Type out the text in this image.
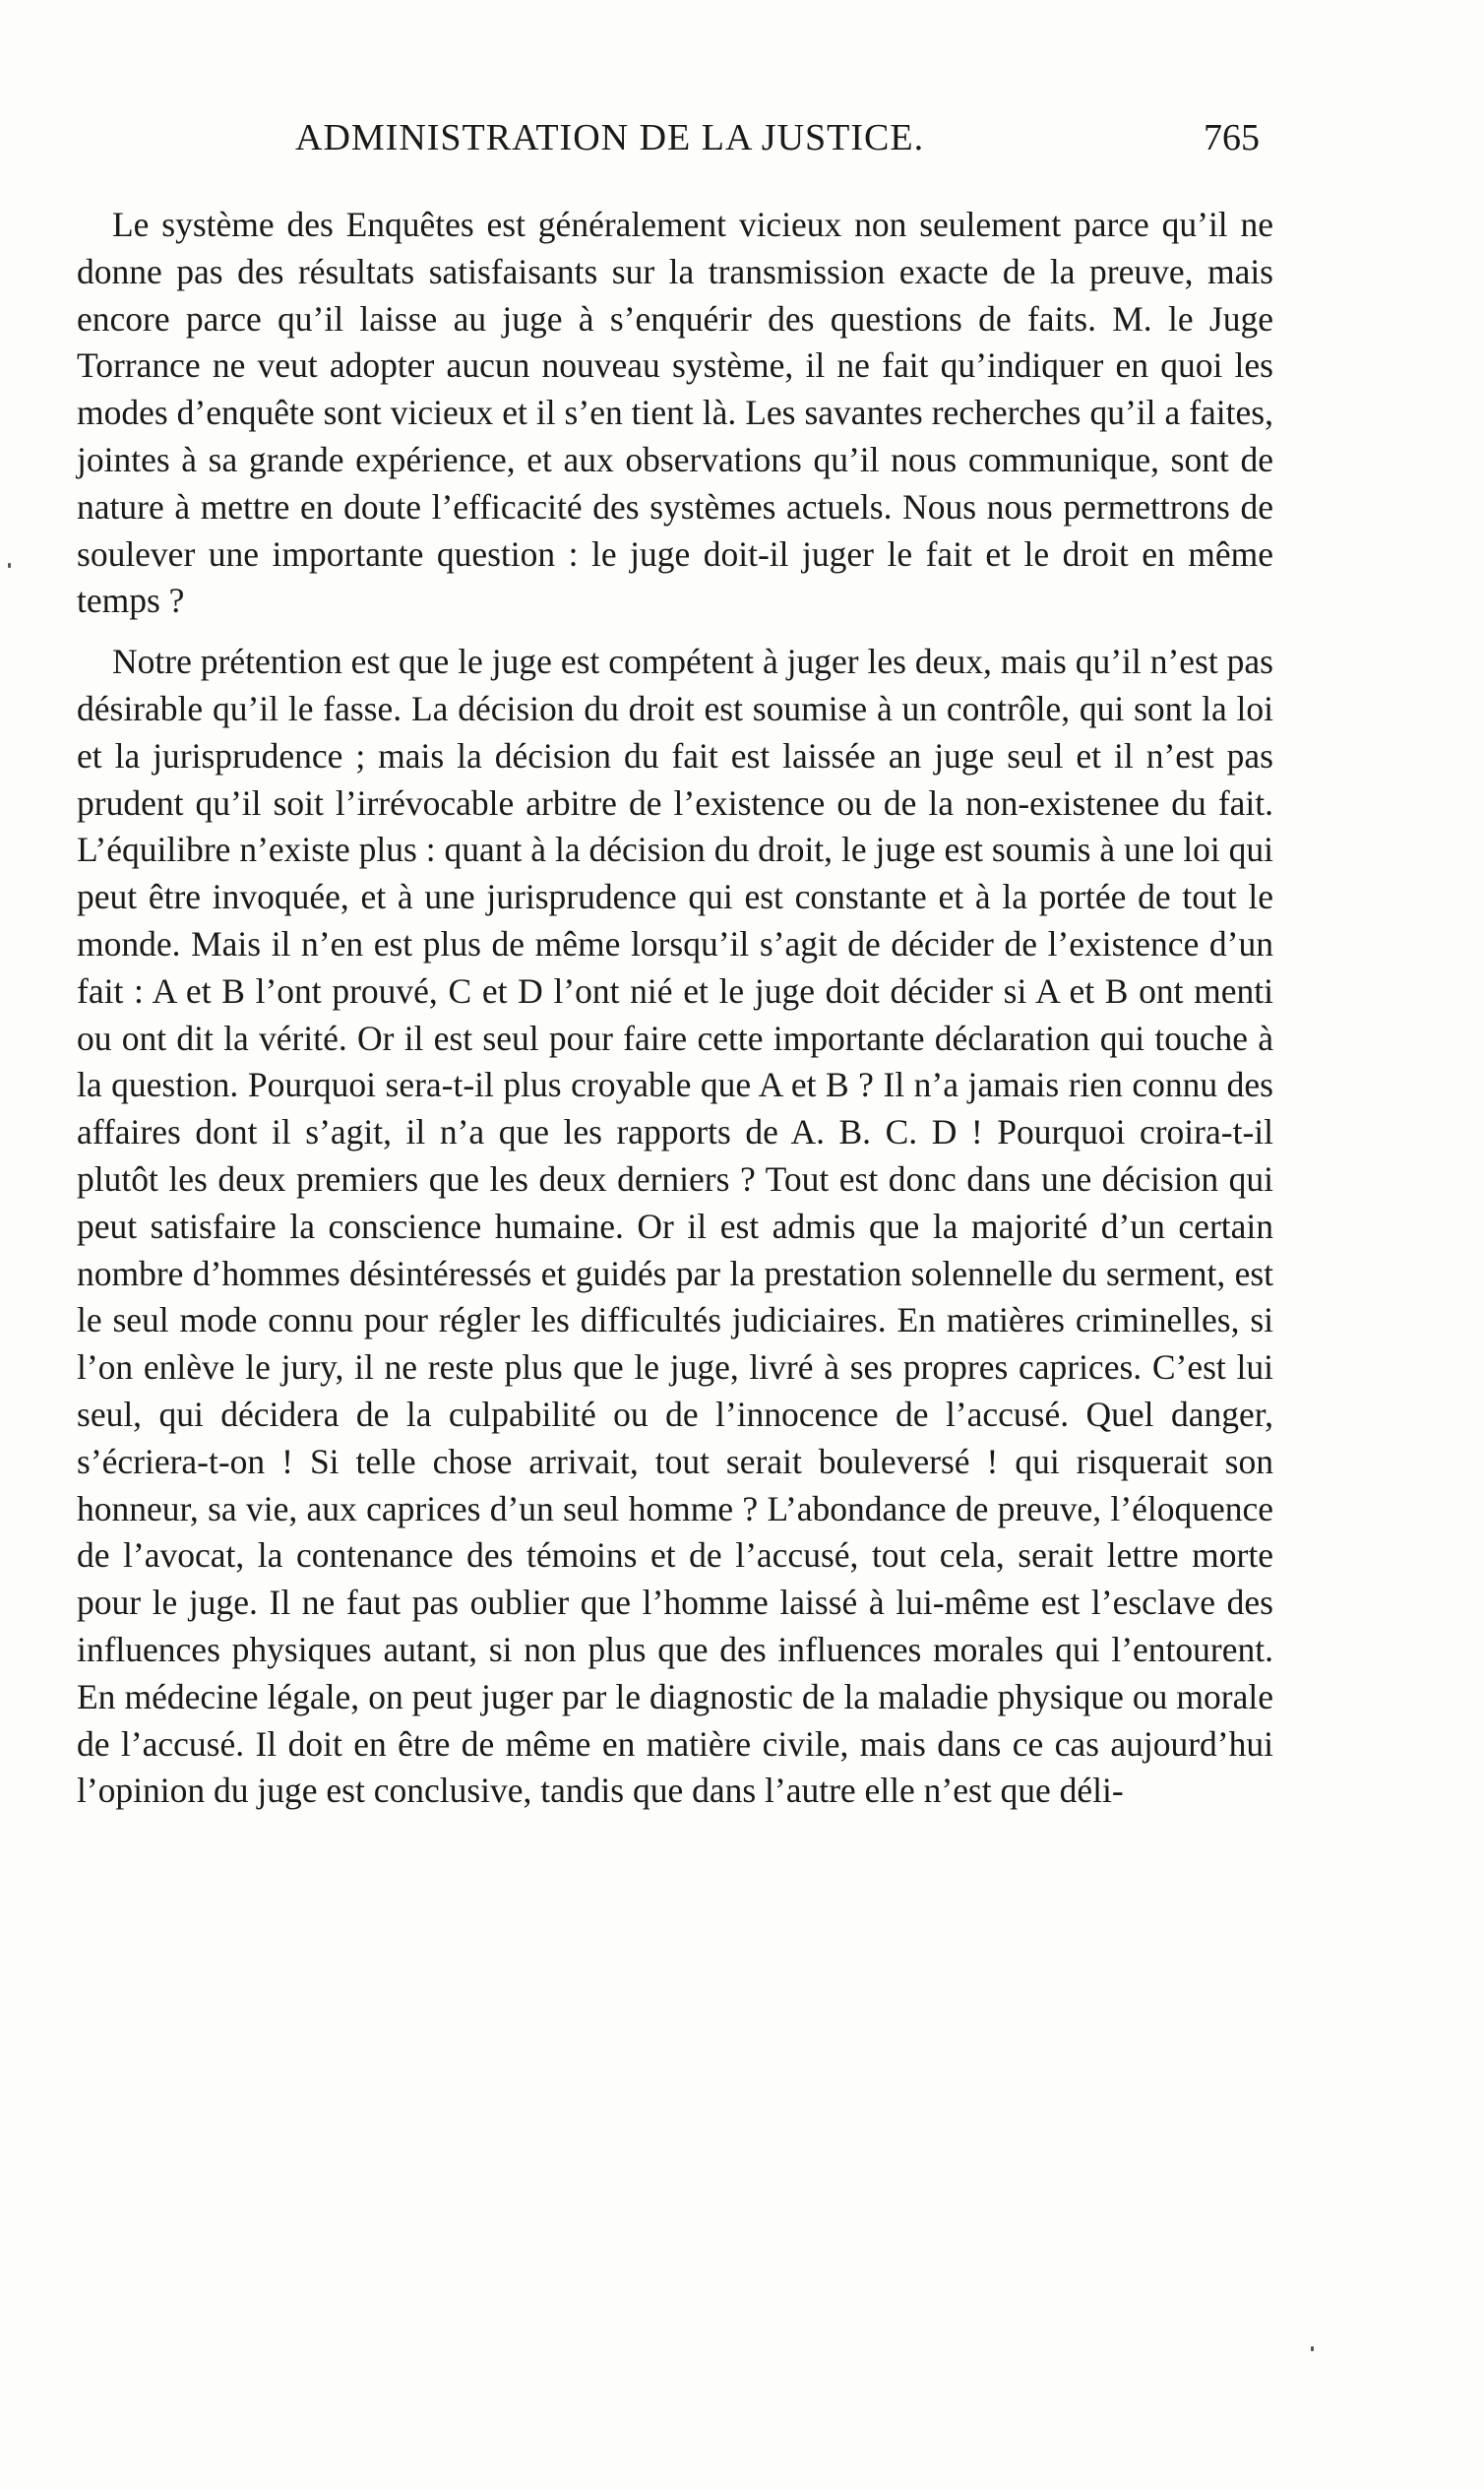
ADMINISTRATION DE LA JUSTICE.	765

Le système des Enquêtes est généralement vicieux non seulement parce qu’il ne donne pas des résultats satisfaisants sur la transmission exacte de la preuve, mais encore parce qu’il laisse au juge à s’enquérir des questions de faits. M. le Juge Torrance ne veut adopter aucun nouveau système, il ne fait qu’indiquer en quoi les modes d’enquête sont vicieux et il s’en tient là. Les savantes recherches qu’il a faites, jointes à sa grande expérience, et aux observations qu’il nous communique, sont de nature à mettre en doute l’efficacité des systèmes actuels. Nous nous permettrons de soulever une importante question : le juge doit-il juger le fait et le droit en même temps ?

Notre prétention est que le juge est compétent à juger les deux, mais qu’il n’est pas désirable qu’il le fasse. La décision du droit est soumise à un contrôle, qui sont la loi et la jurisprudence ; mais la décision du fait est laissée an juge seul et il n’est pas prudent qu’il soit l’irrévocable arbitre de l’existence ou de la non-existenee du fait. L’équilibre n’existe plus : quant à la décision du droit, le juge est soumis à une loi qui peut être invoquée, et à une jurisprudence qui est constante et à la portée de tout le monde. Mais il n’en est plus de même lorsqu’il s’agit de décider de l’existence d’un fait : A et B l’ont prouvé, C et D l’ont nié et le juge doit décider si A et B ont menti ou ont dit la vérité. Or il est seul pour faire cette importante déclaration qui touche à la question. Pourquoi sera-t-il plus croyable que A et B ? Il n’a jamais rien connu des affaires dont il s’agit, il n’a que les rapports de A. B. C. D ! Pourquoi croira-t-il plutôt les deux premiers que les deux derniers ? Tout est donc dans une décision qui peut satisfaire la conscience humaine. Or il est admis que la majorité d’un certain nombre d’hommes désintéressés et guidés par la prestation solennelle du serment, est le seul mode connu pour régler les difficultés judiciaires. En matières criminelles, si l’on enlève le jury, il ne reste plus que le juge, livré à ses propres caprices. C’est lui seul, qui décidera de la culpabilité ou de l’innocence de l’accusé. Quel danger, s’écriera-t-on ! Si telle chose arrivait, tout serait bouleversé ! qui risquerait son honneur, sa vie, aux caprices d’un seul homme ? L’abondance de preuve, l’éloquence de l’avocat, la contenance des témoins et de l’accusé, tout cela, serait lettre morte pour le juge. Il ne faut pas oublier que l’homme laissé à lui-même est l’esclave des influences physiques autant, si non plus que des influences morales qui l’entourent. En médecine légale, on peut juger par le diagnostic de la maladie physique ou morale de l’accusé. Il doit en être de même en matière civile, mais dans ce cas aujourd’hui l’opinion du juge est conclusive, tandis que dans l’autre elle n’est que déli-
